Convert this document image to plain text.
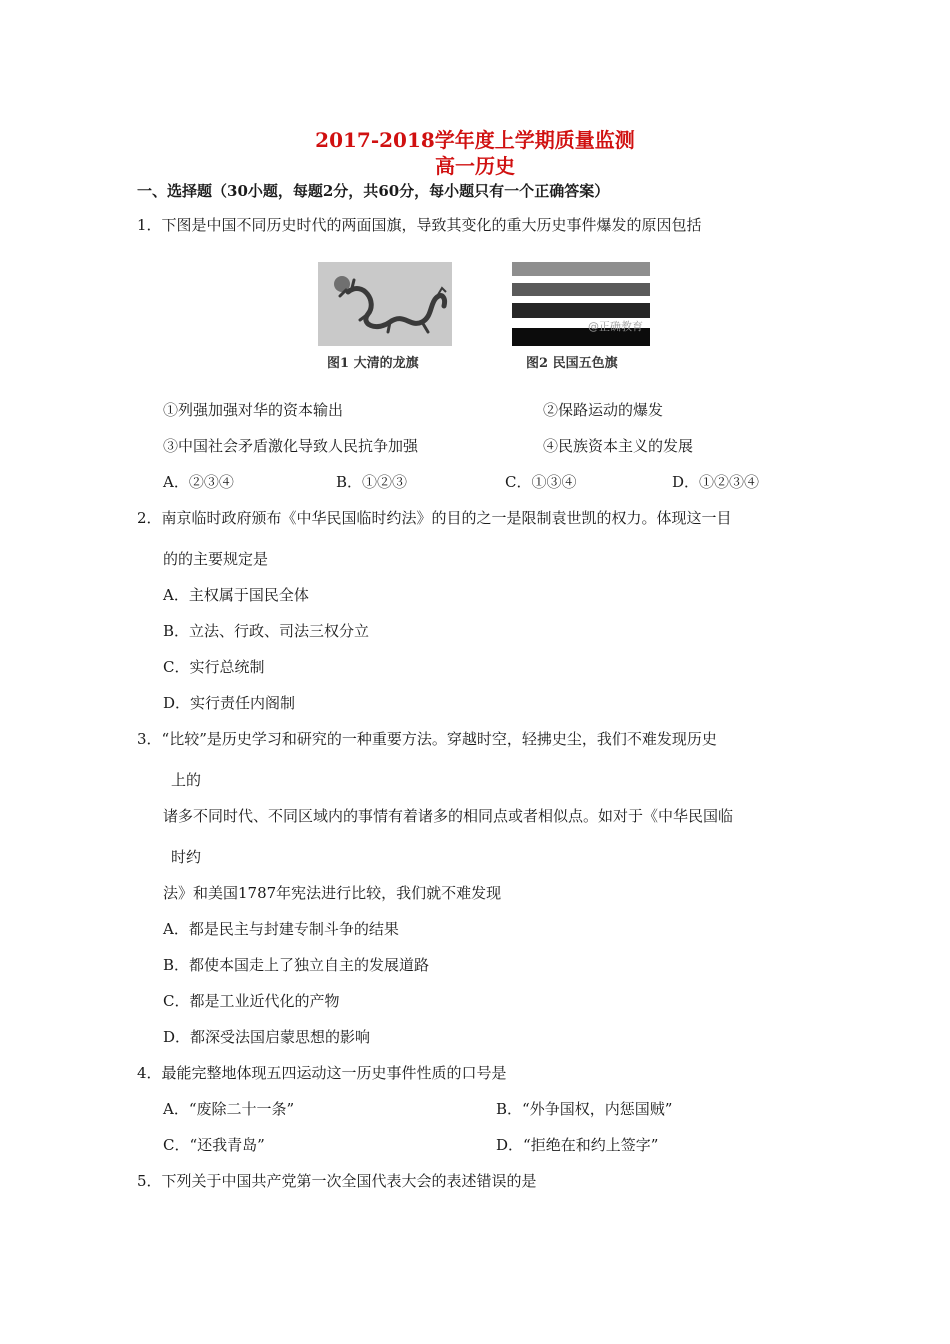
2017-2018学年度上学期质量监测
高一历史
一、选择题（30小题，每题2分，共60分，每小题只有一个正确答案）
1．下图是中国不同历史时代的两面国旗，导致其变化的重大历史事件爆发的原因包括
@正确教育
图1 大清的龙旗	图2 民国五色旗
①列强加强对华的资本输出	②保路运动的爆发
③中国社会矛盾激化导致人民抗争加强	④民族资本主义的发展
A．②③④	B．①②③	C．①③④	D．①②③④
2．南京临时政府颁布《中华民国临时约法》的目的之一是限制袁世凯的权力。体现这一目
的的主要规定是
A．主权属于国民全体
B．立法、行政、司法三权分立
C．实行总统制
D．实行责任内阁制
3．“比较”是历史学习和研究的一种重要方法。穿越时空，轻拂史尘，我们不难发现历史
上的
诸多不同时代、不同区域内的事情有着诸多的相同点或者相似点。如对于《中华民国临
时约
法》和美国1787年宪法进行比较，我们就不难发现
A．都是民主与封建专制斗争的结果
B．都使本国走上了独立自主的发展道路
C．都是工业近代化的产物
D．都深受法国启蒙思想的影响
4．最能完整地体现五四运动这一历史事件性质的口号是
A．“废除二十一条”	B．“外争国权，内惩国贼”
C．“还我青岛”	D．“拒绝在和约上签字”
5．下列关于中国共产党第一次全国代表大会的表述错误的是
